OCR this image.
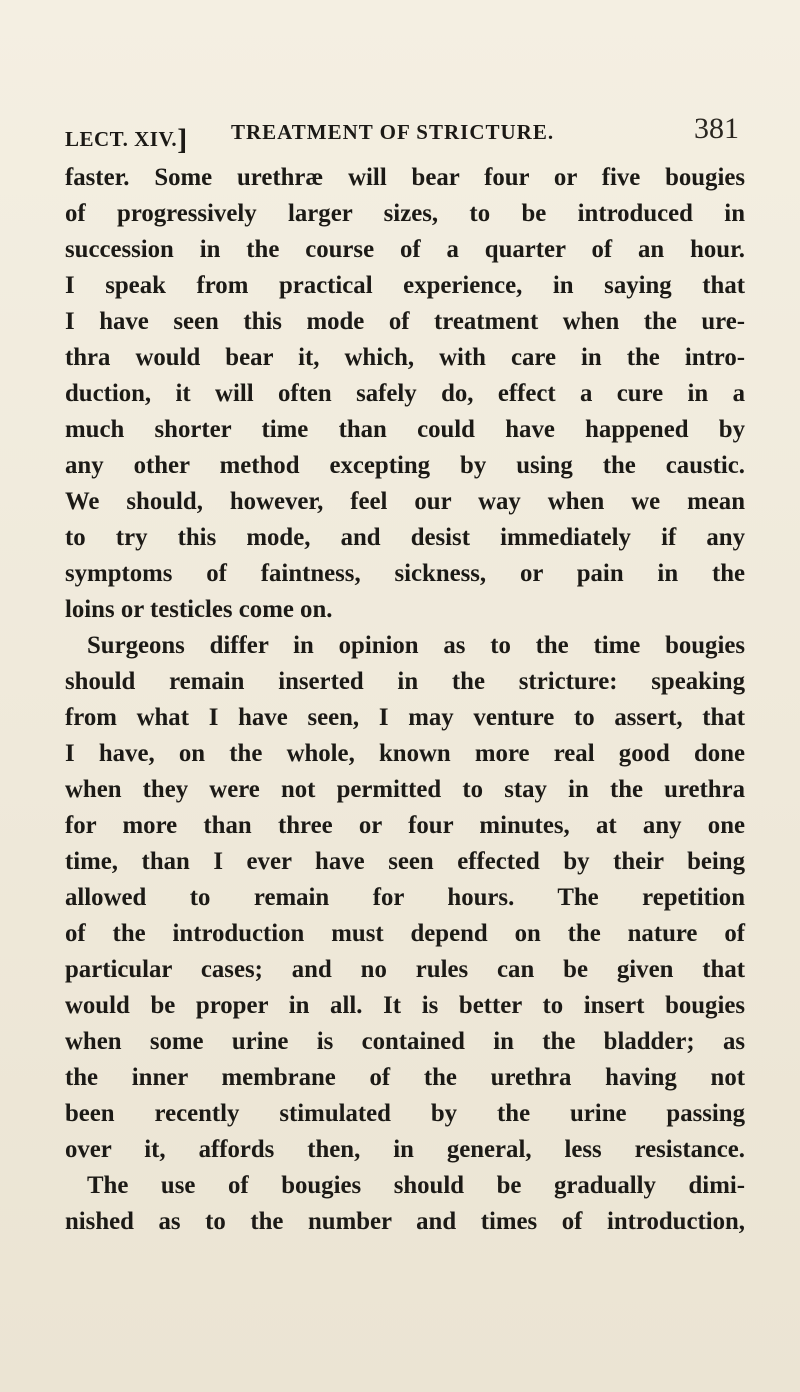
LECT. XIV.] TREATMENT OF STRICTURE.	381
faster. Some urethræ will bear four or five bougies
of progressively larger sizes, to be introduced in
succession in the course of a quarter of an hour.
I speak from practical experience, in saying that
I have seen this mode of treatment when the ure-
thra would bear it, which, with care in the intro-
duction, it will often safely do, effect a cure in a
much shorter time than could have happened by
any other method excepting by using the caustic.
We should, however, feel our way when we mean
to try this mode, and desist immediately if any
symptoms of faintness, sickness, or pain in the
loins or testicles come on.
Surgeons differ in opinion as to the time bougies
should remain inserted in the stricture: speaking
from what I have seen, I may venture to assert, that
I have, on the whole, known more real good done
when they were not permitted to stay in the urethra
for more than three or four minutes, at any one
time, than I ever have seen effected by their being
allowed to remain for hours. The repetition
of the introduction must depend on the nature of
particular cases; and no rules can be given that
would be proper in all. It is better to insert bougies
when some urine is contained in the bladder; as
the inner membrane of the urethra having not
been recently stimulated by the urine passing
over it, affords then, in general, less resistance.
The use of bougies should be gradually dimi-
nished as to the number and times of introduction,
